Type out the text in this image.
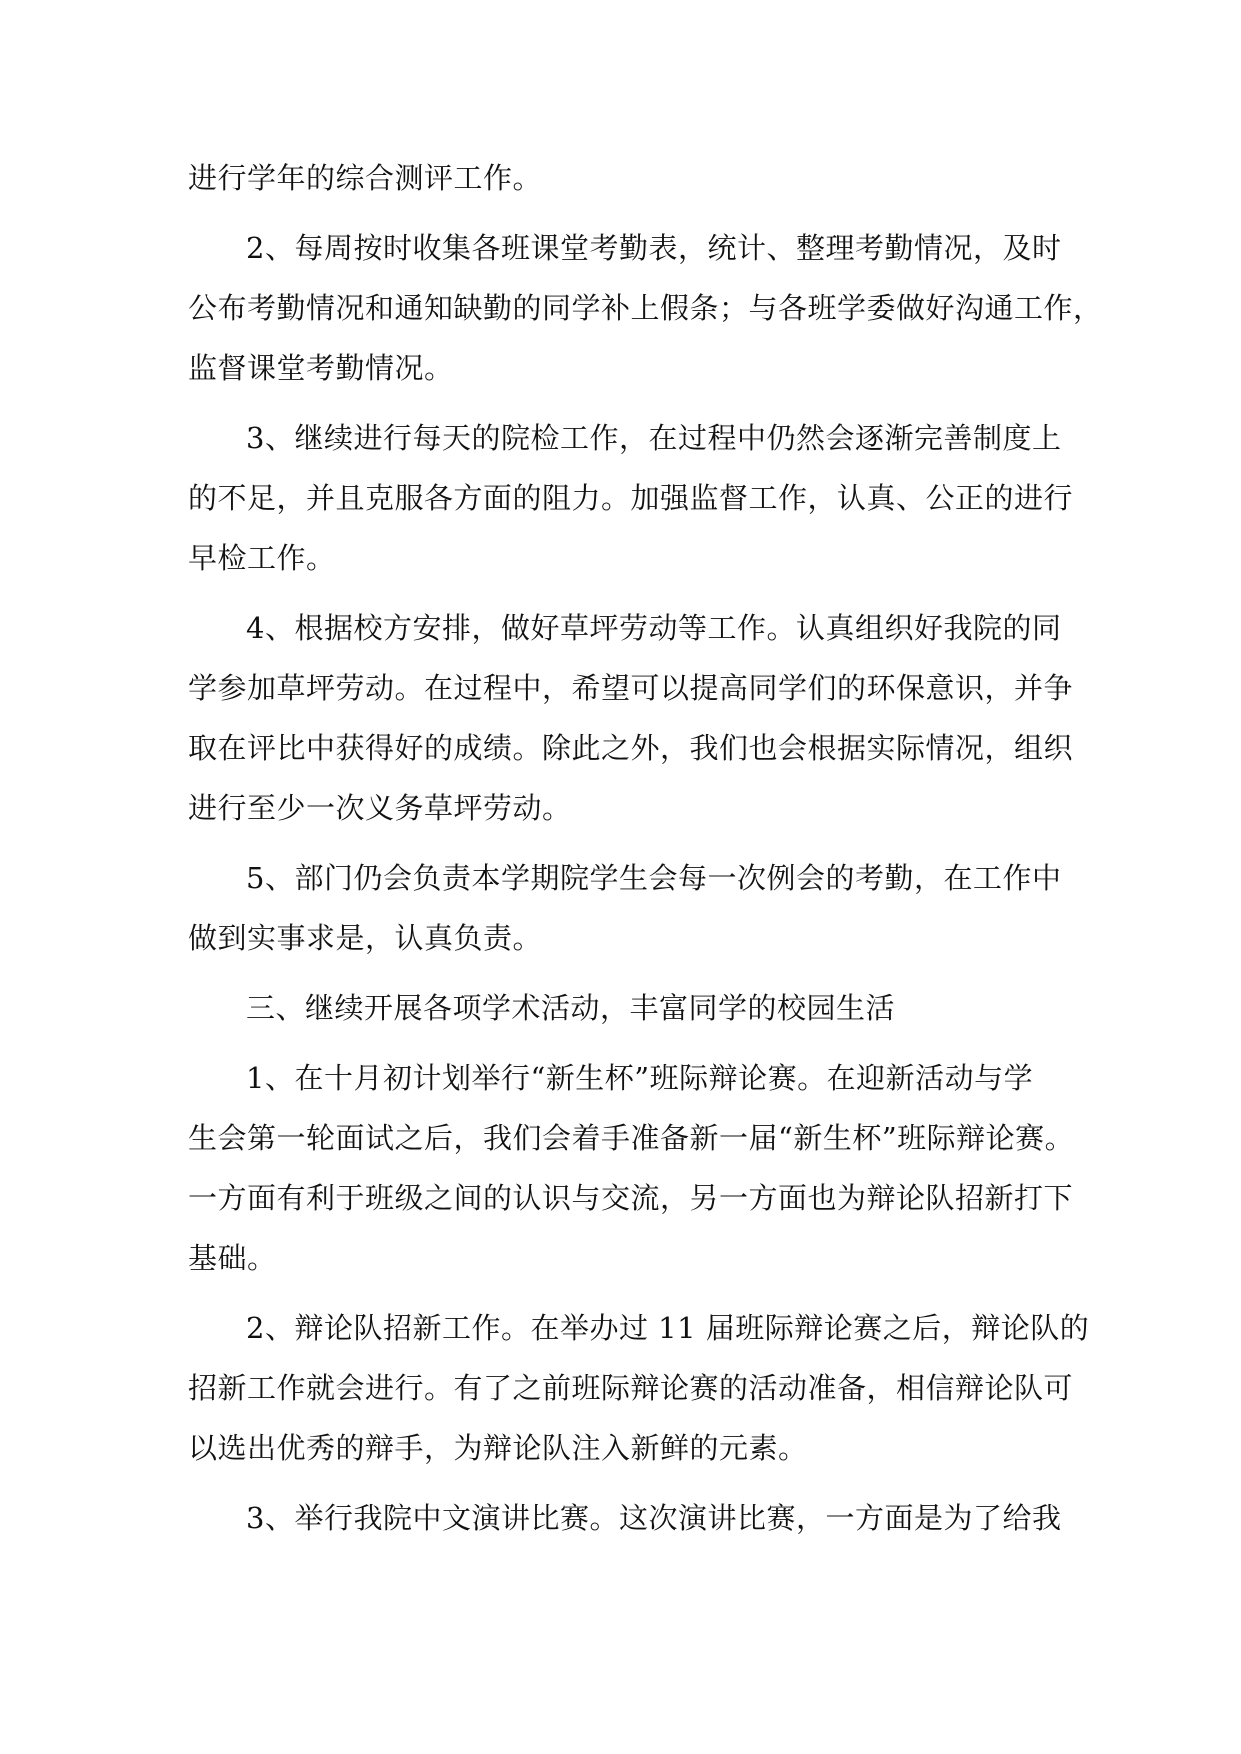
进行学年的综合测评工作。
2、每周按时收集各班课堂考勤表，统计、整理考勤情况，及时
公布考勤情况和通知缺勤的同学补上假条；与各班学委做好沟通工作，
监督课堂考勤情况。
3、继续进行每天的院检工作，在过程中仍然会逐渐完善制度上
的不足，并且克服各方面的阻力。加强监督工作，认真、公正的进行
早检工作。
4、根据校方安排，做好草坪劳动等工作。认真组织好我院的同
学参加草坪劳动。在过程中，希望可以提高同学们的环保意识，并争
取在评比中获得好的成绩。除此之外，我们也会根据实际情况，组织
进行至少一次义务草坪劳动。
5、部门仍会负责本学期院学生会每一次例会的考勤，在工作中
做到实事求是，认真负责。
三、继续开展各项学术活动，丰富同学的校园生活
1、在十月初计划举行“新生杯”班际辩论赛。在迎新活动与学
生会第一轮面试之后，我们会着手准备新一届“新生杯”班际辩论赛。
一方面有利于班级之间的认识与交流，另一方面也为辩论队招新打下
基础。
2、辩论队招新工作。在举办过 11 届班际辩论赛之后，辩论队的
招新工作就会进行。有了之前班际辩论赛的活动准备，相信辩论队可
以选出优秀的辩手，为辩论队注入新鲜的元素。
3、举行我院中文演讲比赛。这次演讲比赛，一方面是为了给我
